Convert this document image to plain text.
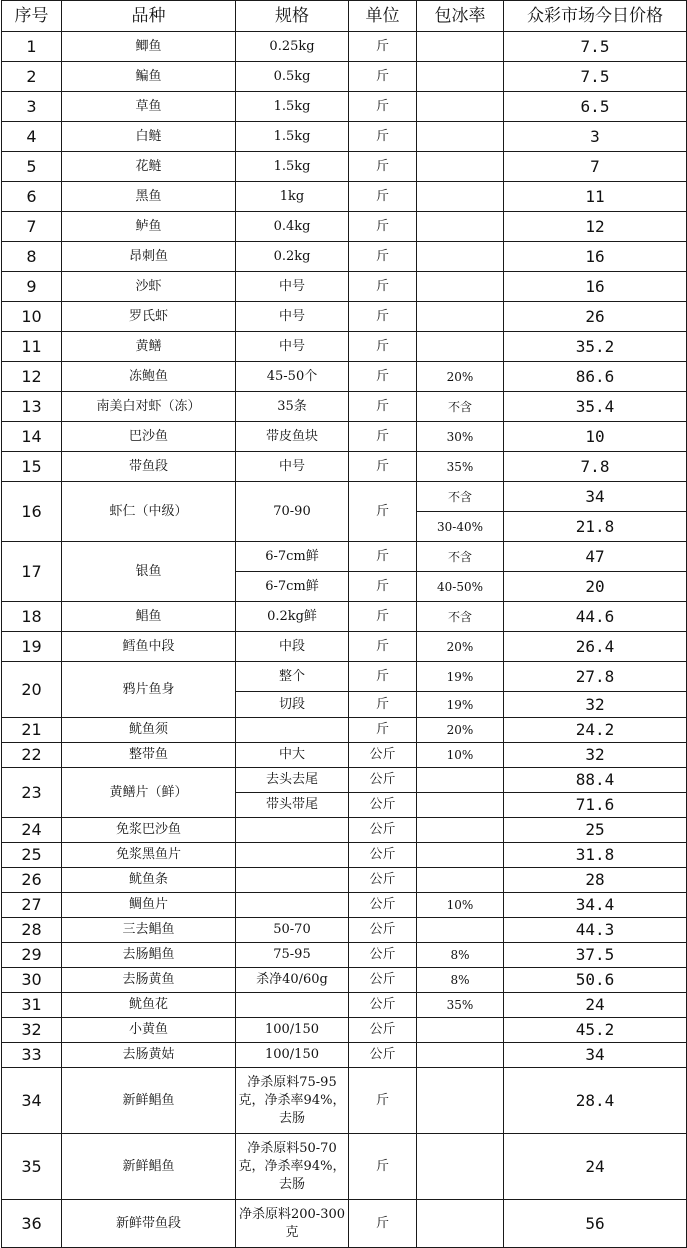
序号	品种	规格	单位	包冰率	众彩市场今日价格
1	鲫鱼	0.25kg	斤		7.5
2	鳊鱼	0.5kg	斤		7.5
3	草鱼	1.5kg	斤		6.5
4	白鲢	1.5kg	斤		3
5	花鲢	1.5kg	斤		7
6	黑鱼	1kg	斤		11
7	鲈鱼	0.4kg	斤		12
8	昂刺鱼	0.2kg	斤		16
9	沙虾	中号	斤		16
10	罗氏虾	中号	斤		26
11	黄鳝	中号	斤		35.2
12	冻鲍鱼	45-50个	斤	20%	86.6
13	南美白对虾（冻）	35条	斤	不含	35.4
14	巴沙鱼	带皮鱼块	斤	30%	10
15	带鱼段	中号	斤	35%	7.8
16	虾仁（中级）	70-90	斤	不含	34
				30-40%	21.8
17	银鱼	6-7cm鲜	斤	不含	47
		6-7cm鲜	斤	40-50%	20
18	鲳鱼	0.2kg鲜	斤	不含	44.6
19	鳕鱼中段	中段	斤	20%	26.4
20	鸦片鱼身	整个	斤	19%	27.8
		切段	斤	19%	32
21	鱿鱼须		斤	20%	24.2
22	整带鱼	中大	公斤	10%	32
23	黄鳝片（鲜）	去头去尾	公斤		88.4
		带头带尾	公斤		71.6
24	免浆巴沙鱼		公斤		25
25	免浆黑鱼片		公斤		31.8
26	鱿鱼条		公斤		28
27	鲷鱼片		公斤	10%	34.4
28	三去鲳鱼	50-70	公斤		44.3
29	去肠鲳鱼	75-95	公斤	8%	37.5
30	去肠黄鱼	杀净40/60g	公斤	8%	50.6
31	鱿鱼花		公斤	35%	24
32	小黄鱼	100/150	公斤		45.2
33	去肠黄姑	100/150	公斤		34
34	新鲜鲳鱼	净杀原料75-95克，净杀率94%，去肠	斤		28.4
35	新鲜鲳鱼	净杀原料50-70克，净杀率94%，去肠	斤		24
36	新鲜带鱼段	净杀原料200-300克	斤		56
